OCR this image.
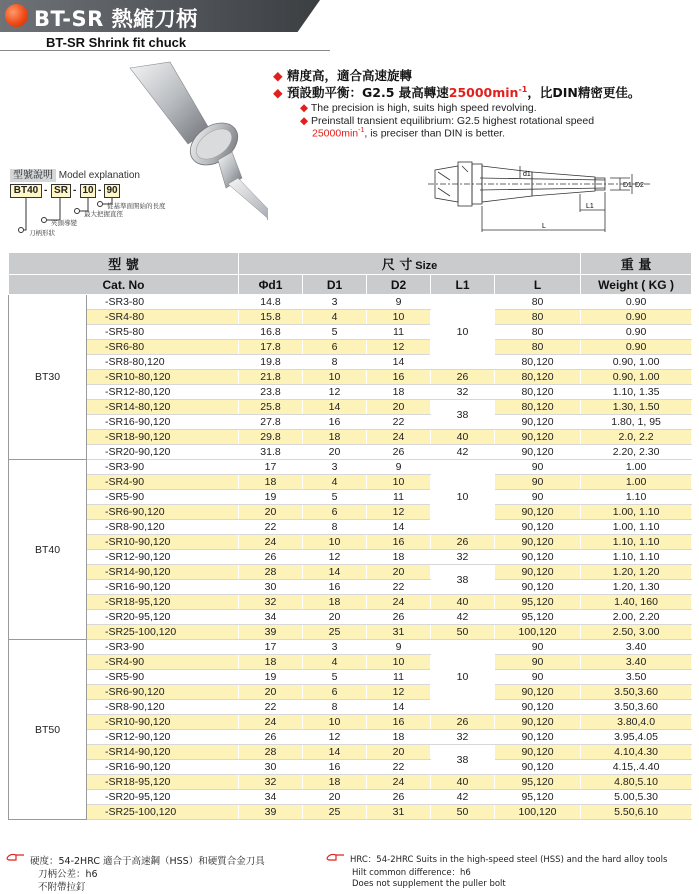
BT-SR 熱縮刀柄
BT-SR Shrink fit chuck
◆ 精度高，適合高速旋轉
◆ 預設動平衡：G2.5 最高轉速$25000\min^{-1}$，比DIN精密更佳。
◆ The precision is high, suits high speed revolving.
◆ Preinstall transient equilibrium: G2.5 highest rotational speed
$25000\min^{-1}$, is preciser than DIN is better.
型號說明 Model explanation
BT40 - SR - 10 - 90
從基準面開始的長度
最大把握直徑
夾頭導變
刀柄形狀
d1
D1 D2
L1
L
型 號		尺 寸 Size					重 量
Cat. No		Φd1	D1	D2	L1	L	Weight ( KG )
BT30	-SR3-80	14.8	3	9	10	80	0.90
	-SR4-80	15.8	4	10		80	0.90
	-SR5-80	16.8	5	11		80	0.90
	-SR6-80	17.8	6	12		80	0.90
	-SR8-80,120	19.8	8	14		80,120	0.90, 1.00
	-SR10-80,120	21.8	10	16	26	80,120	0.90, 1.00
	-SR12-80,120	23.8	12	18	32	80,120	1.10, 1.35
	-SR14-80,120	25.8	14	20	38	80,120	1.30, 1.50
	-SR16-90,120	27.8	16	22		90,120	1.80, 1, 95
	-SR18-90,120	29.8	18	24	40	90,120	2.0, 2.2
	-SR20-90,120	31.8	20	26	42	90,120	2.20, 2.30
BT40	-SR3-90	17	3	9	10	90	1.00
	-SR4-90	18	4	10		90	1.00
	-SR5-90	19	5	11		90	1.10
	-SR6-90,120	20	6	12		90,120	1.00, 1.10
	-SR8-90,120	22	8	14		90,120	1.00, 1.10
	-SR10-90,120	24	10	16	26	90,120	1.10, 1.10
	-SR12-90,120	26	12	18	32	90,120	1.10, 1.10
	-SR14-90,120	28	14	20	38	90,120	1.20, 1.20
	-SR16-90,120	30	16	22		90,120	1.20, 1.30
	-SR18-95,120	32	18	24	40	95,120	1.40, 160
	-SR20-95,120	34	20	26	42	95,120	2.00, 2.20
	-SR25-100,120	39	25	31	50	100,120	2.50, 3.00
BT50	-SR3-90	17	3	9	10	90	3.40
	-SR4-90	18	4	10		90	3.40
	-SR5-90	19	5	11		90	3.50
	-SR6-90,120	20	6	12		90,120	3.50,3.60
	-SR8-90,120	22	8	14		90,120	3.50,3.60
	-SR10-90,120	24	10	16	26	90,120	3.80,4.0
	-SR12-90,120	26	12	18	32	90,120	3.95,4.05
	-SR14-90,120	28	14	20	38	90,120	4.10,4.30
	-SR16-90,120	30	16	22		90,120	4.15,.4.40
	-SR18-95,120	32	18	24	40	95,120	4.80,5.10
	-SR20-95,120	34	20	26	42	95,120	5.00,5.30
	-SR25-100,120	39	25	31	50	100,120	5.50,6.10
硬度：54-2HRC 適合于高速鋼（HSS）和硬質合金刀具
刀柄公差：h6
不附帶拉釘
HRC：54-2HRC Suits in the high-speed steel (HSS) and the hard alloy tools
Hilt common difference：h6
Does not supplement the puller bolt
